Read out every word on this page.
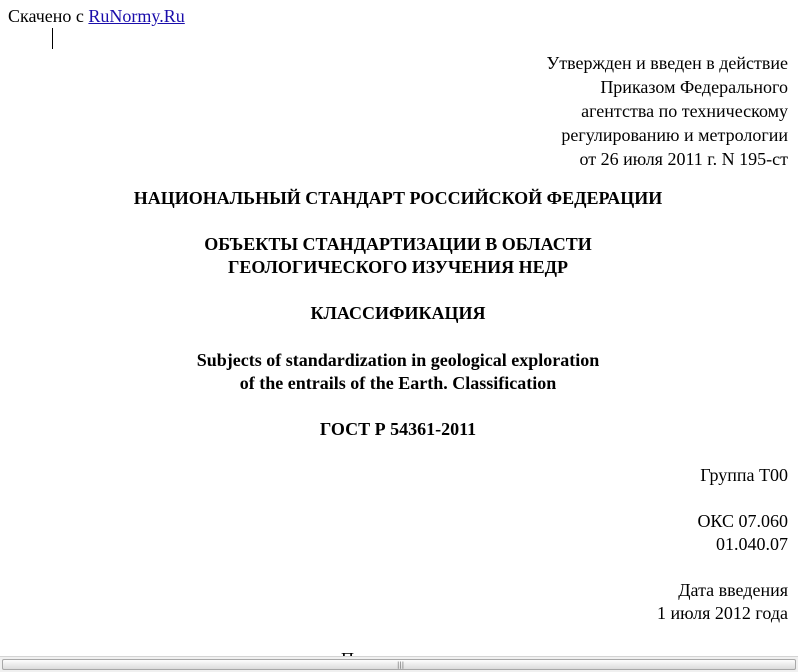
Скачено с RuNormy.Ru
Утвержден и введен в действие
Приказом Федерального
агентства по техническому
регулированию и метрологии
от 26 июля 2011 г. N 195-ст
НАЦИОНАЛЬНЫЙ СТАНДАРТ РОССИЙСКОЙ ФЕДЕРАЦИИ
ОБЪЕКТЫ СТАНДАРТИЗАЦИИ В ОБЛАСТИ
ГЕОЛОГИЧЕСКОГО ИЗУЧЕНИЯ НЕДР
КЛАССИФИКАЦИЯ
Subjects of standardization in geological exploration
of the entrails of the Earth. Classification
ГОСТ Р 54361-2011
Группа Т00
ОКС 07.060
01.040.07
Дата введения
1 июля 2012 года
|||
